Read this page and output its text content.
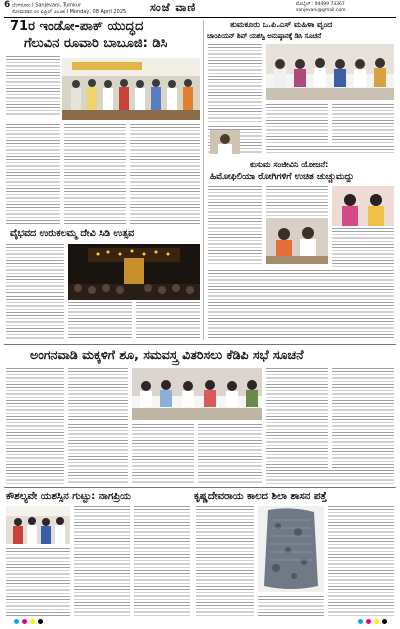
6 ಬೆಂಗಳೂರು I Sanjevani, Tumkur
ಸೋಮವಾರ ೦೮ ಏಪ್ರಿಲ್ ೨೦೨೫ I Monday, 08 April 2025 ಸಂಜೆ ವಾಣಿ	ಮೊಬೈಲ್ : 94499 73367
sanjevani@gmail.com
71ರ ಇಂಡೋ-ಪಾಕ್ ಯುದ್ಧದ
ಗೆಲುವಿನ ರೂವಾರಿ ಬಾಬೂಜಿ: ಡಿಸಿ
ತುಮಕೂರು ಒ.ಪಿ.ಎಸ್ ಮಹಿಳಾ ವೃಂದ
ಚಾಂಪಿಯನ್ ಶಿಪ್ ಯಶಸ್ವಿ ಅನುಷ್ಠಾನಕ್ಕೆ ಡಿಸಿ ಸೂಚನೆ
ಕುಸುಮ ಸಂಜೀವಿನಿ ಯೋಜನೆ:
ಹಿಮೋಫಿಲಿಯಾ ರೋಗಿಗಳಿಗೆ ಉಚಿತ ಚುಚ್ಚುಮದ್ದು
ವೈಭವದ ಉರುಕಲಮ್ಮ ದೇವಿ ಸಿಡಿ ಉತ್ಸವ
ಅಂಗನವಾಡಿ ಮಕ್ಕಳಿಗೆ ಶೂ, ಸಮವಸ್ತ್ರ ವಿತರಿಸಲು ಕೆಡಿಪಿ ಸಭೆ ಸೂಚನೆ
ಕೌಶಲ್ಯವೇ ಯಶಸ್ಸಿನ ಗುಟ್ಟು: ನಾಗಪ್ರಿಯ	ಕೃಷ್ಣದೇವರಾಯ ಕಾಲದ ಶಿಲಾ ಶಾಸನ ಪತ್ತೆ
